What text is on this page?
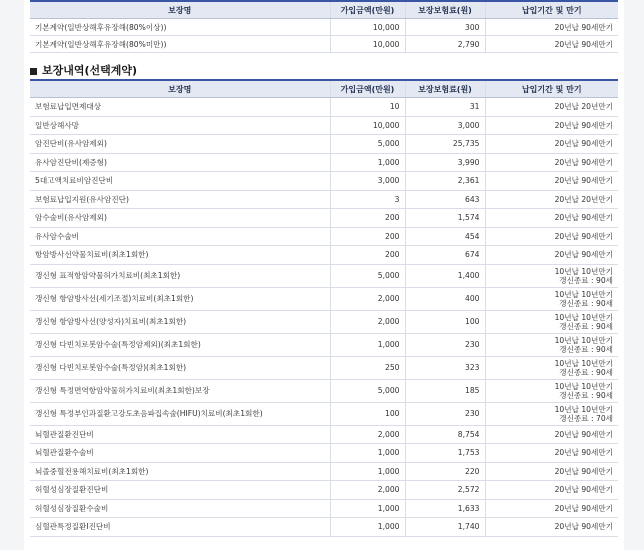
보장명	가입금액(만원)	보장보험료(원)	납입기간 및 만기
기본계약(일반상해후유장해(80%이상))	10,000	300	20년납 90세만기
기본계약(일반상해후유장해(80%미만))	10,000	2,790	20년납 90세만기
보장내역(선택계약)
보장명	가입금액(만원)	보장보험료(원)	납입기간 및 만기
보험료납입면제대상	10	31	20년납 20년만기
일반상해사망	10,000	3,000	20년납 90세만기
암진단비(유사암제외)	5,000	25,735	20년납 90세만기
유사암진단비(제증형)	1,000	3,990	20년납 90세만기
5대고액치료비암진단비	3,000	2,361	20년납 90세만기
보험료납입지원(유사암진단)	3	643	20년납 20년만기
암수술비(유사암제외)	200	1,574	20년납 90세만기
유사암수술비	200	454	20년납 90세만기
항암방사선약물치료비(최초1회한)	200	674	20년납 90세만기
갱신형 표적항암약물허가치료비(최초1회한)	5,000	1,400	10년납 10년만기
갱신종료 : 90세

갱신형 항암방사선(세기조절)치료비(최초1회한)	2,000	400	10년납 10년만기
갱신종료 : 90세

갱신형 항암방사선(양성자)치료비(최초1회한)	2,000	100	10년납 10년만기
갱신종료 : 90세

갱신형 다빈치로봇암수술(특정암제외)(최초1회한)	1,000	230	10년납 10년만기
갱신종료 : 90세

갱신형 다빈치로봇암수술(특정암)(최초1회한)	250	323	10년납 10년만기
갱신종료 : 90세

갱신형 특정면역항암약물허가치료비(최초1회한)보장	5,000	185	10년납 10년만기
갱신종료 : 90세

갱신형 특정부인과질환고강도초음파집속술(HIFU)치료비(최초1회한)	100	230	10년납 10년만기
갱신종료 : 70세

뇌혈관질환진단비	2,000	8,754	20년납 90세만기
뇌혈관질환수술비	1,000	1,753	20년납 90세만기
뇌졸중혈전용해치료비(최초1회한)	1,000	220	20년납 90세만기
허혈성심장질환진단비	2,000	2,572	20년납 90세만기
허혈성심장질환수술비	1,000	1,633	20년납 90세만기
심혈관특정질환Ⅰ진단비	1,000	1,740	20년납 90세만기
